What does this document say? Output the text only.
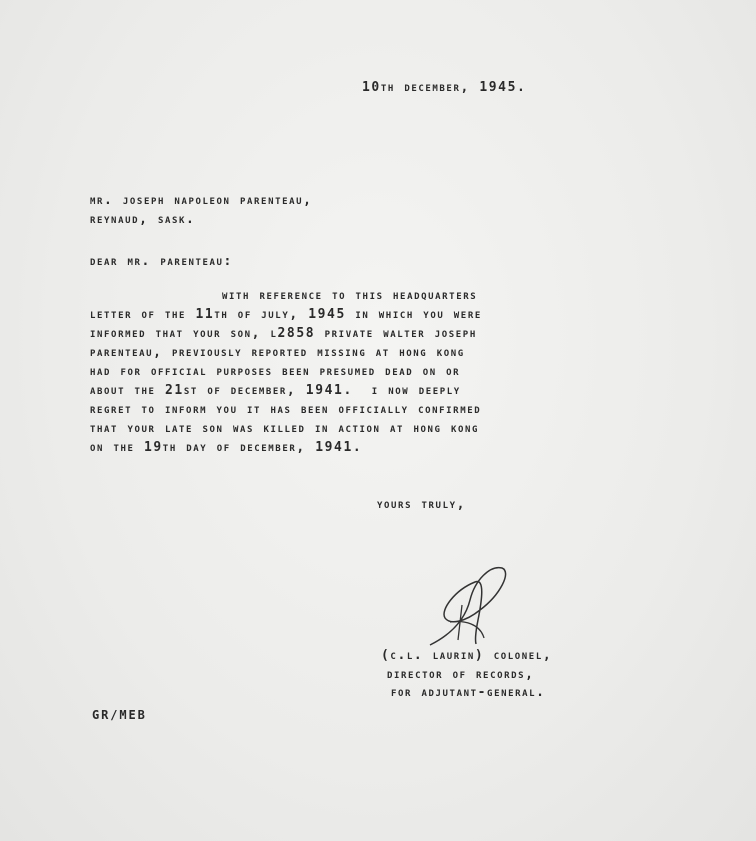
10th december, 1945.
mr. joseph napoleon parenteau,
reynaud, sask.
dear mr. parenteau:
with reference to this headquarters
letter of the 11th of july, 1945 in which you were
informed that your son, l2858 private walter joseph
parenteau, previously reported missing at hong kong
had for official purposes been presumed dead on or
about the 21st of december, 1941.  i now deeply
regret to inform you it has been officially confirmed
that your late son was killed in action at hong kong
on the 19th day of december, 1941.
yours truly,
(c.l. laurin) colonel,
director of records,
for adjutant-general.
GR/MEB
